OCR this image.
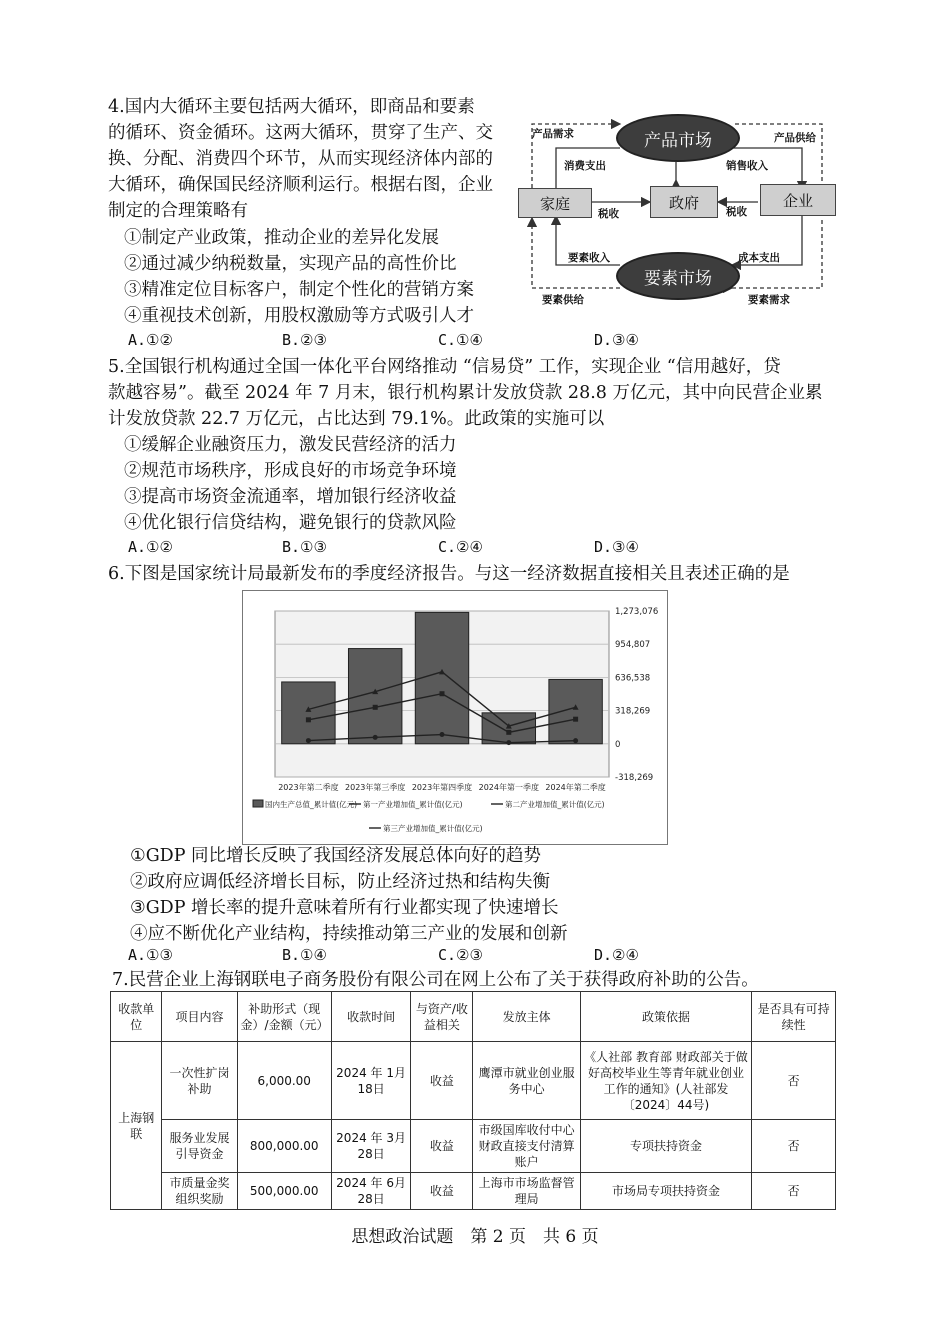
4.国内大循环主要包括两大循环，即商品和要素
的循环、资金循环。这两大循环，贯穿了生产、交
换、分配、消费四个环节，从而实现经济体内部的
大循环，确保国民经济顺利运行。根据右图，企业
制定的合理策略有
①制定产业政策，推动企业的差异化发展
②通过减少纳税数量，实现产品的高性价比
③精准定位目标客户，制定个性化的营销方案
④重视技术创新，用股权激励等方式吸引人才
A.①②	B.②③	C.①④	D.③④
产品市场
要素市场
家庭	政府	企业
产品需求
消费支出	销售收入
产品供给
税收	税收
要素收入	成本支出
要素供给	要素需求
5.全国银行机构通过全国一体化平台网络推动 “信易贷” 工作，实现企业 “信用越好，贷
款越容易”。截至 2024 年 7 月末，银行机构累计发放贷款 28.8 万亿元，其中向民营企业累
计发放贷款 22.7 万亿元，占比达到 79.1%。此政策的实施可以
①缓解企业融资压力，激发民营经济的活力
②规范市场秩序，形成良好的市场竞争环境
③提高市场资金流通率，增加银行经济收益
④优化银行信贷结构，避免银行的贷款风险
A.①②	B.①③	C.②④	D.③④
6.下图是国家统计局最新发布的季度经济报告。与这一经济数据直接相关且表述正确的是
1,273,076
954,807
636,538
318,269
0
-318,269
2023年第二季度 2023年第三季度 2023年第四季度 2024年第一季度 2024年第二季度
国内生产总值_累计值(亿元) 第一产业增加值_累计值(亿元)	第二产业增加值_累计值(亿元)
第三产业增加值_累计值(亿元)
①GDP 同比增长反映了我国经济发展总体向好的趋势
②政府应调低经济增长目标，防止经济过热和结构失衡
③GDP 增长率的提升意味着所有行业都实现了快速增长
④应不断优化产业结构，持续推动第三产业的发展和创新
A.①③	B.①④	C.②③	D.②④
7.民营企业上海钢联电子商务股份有限公司在网上公布了关于获得政府补助的公告。
收款单位	项目内容	补助形式（现金）/金额（元）	收款时间	与资产/收益相关	发放主体	政策依据	是否具有可持续性
上海钢联	一次性扩岗补助	6,000.00	2024 年 1月18日	收益	鹰潭市就业创业服务中心	《人社部 教育部 财政部关于做好高校毕业生等青年就业创业工作的通知》(人社部发〔2024〕44号)	否
	服务业发展引导资金	800,000.00	2024 年 3月28日	收益	市级国库收付中心财政直接支付清算账户	专项扶持资金	否
	市质量金奖组织奖励	500,000.00	2024 年 6月28日	收益	上海市市场监督管理局	市场局专项扶持资金	否
思想政治试题　第 2 页　共 6 页
